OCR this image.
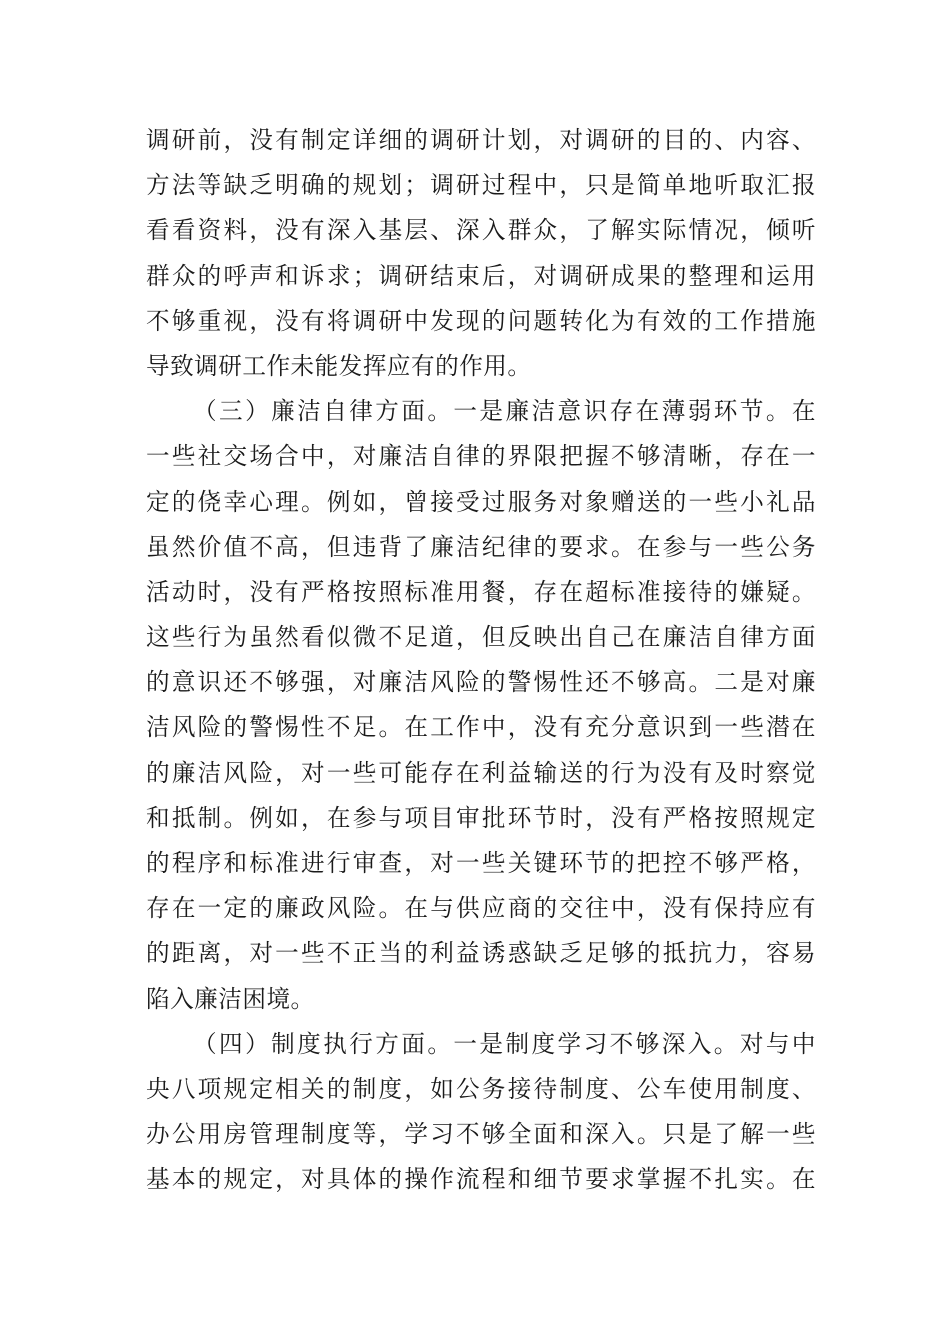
调研前，没有制定详细的调研计划，对调研的目的、内容、
方法等缺乏明确的规划；调研过程中，只是简单地听取汇报
看看资料，没有深入基层、深入群众，了解实际情况，倾听
群众的呼声和诉求；调研结束后，对调研成果的整理和运用
不够重视，没有将调研中发现的问题转化为有效的工作措施
导致调研工作未能发挥应有的作用。
（三）廉洁自律方面。一是廉洁意识存在薄弱环节。在
一些社交场合中，对廉洁自律的界限把握不够清晰，存在一
定的侥幸心理。例如，曾接受过服务对象赠送的一些小礼品
虽然价值不高，但违背了廉洁纪律的要求。在参与一些公务
活动时，没有严格按照标准用餐，存在超标准接待的嫌疑。
这些行为虽然看似微不足道，但反映出自己在廉洁自律方面
的意识还不够强，对廉洁风险的警惕性还不够高。二是对廉
洁风险的警惕性不足。在工作中，没有充分意识到一些潜在
的廉洁风险，对一些可能存在利益输送的行为没有及时察觉
和抵制。例如，在参与项目审批环节时，没有严格按照规定
的程序和标准进行审查，对一些关键环节的把控不够严格，
存在一定的廉政风险。在与供应商的交往中，没有保持应有
的距离，对一些不正当的利益诱惑缺乏足够的抵抗力，容易
陷入廉洁困境。
（四）制度执行方面。一是制度学习不够深入。对与中
央八项规定相关的制度，如公务接待制度、公车使用制度、
办公用房管理制度等，学习不够全面和深入。只是了解一些
基本的规定，对具体的操作流程和细节要求掌握不扎实。在
